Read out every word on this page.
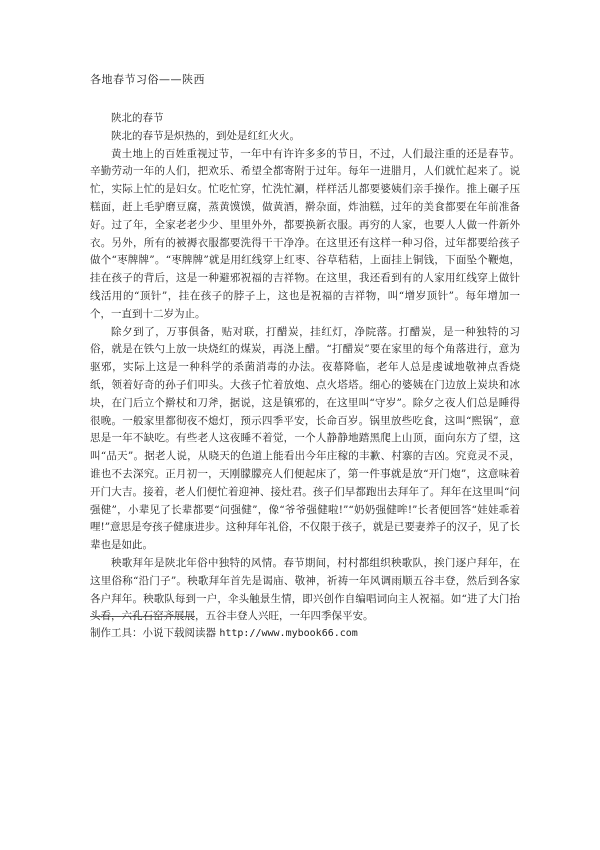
各地春节习俗——陕西

陕北的春节

陕北的春节是炽热的，到处是红红火火。

黄土地上的百姓重视过节，一年中有许许多多的节日，不过，人们最注重的还是春节。辛勤劳动一年的人们，把欢乐、希望全都寄附于过年。每年一进腊月，人们就忙起来了。说忙，实际上忙的是妇女。忙吃忙穿，忙洗忙涮，样样活儿都要婆姨们亲手操作。推上碾子压糕面，赶上毛驴磨豆腐，蒸黄馍馍，做黄酒，擀杂面，炸油糕，过年的美食都要在年前准备好。过了年，全家老老少少、里里外外，都要换新衣服。再穷的人家，也要人人做一件新外衣。另外，所有的被褥衣服都要洗得干干净净。在这里还有这样一种习俗，过年都要给孩子做个“枣牌牌”。“枣牌牌”就是用红线穿上红枣、谷草秸秸，上面挂上铜钱，下面坠个鞭炮，挂在孩子的背后，这是一种避邪祝福的吉祥物。在这里，我还看到有的人家用红线穿上做针线活用的“顶针”，挂在孩子的脖子上，这也是祝福的吉祥物，叫“增岁顶针”。每年增加一个，一直到十二岁为止。

除夕到了，万事俱备，贴对联，打醋炭，挂红灯，净院落。打醋炭，是一种独特的习俗，就是在铁勺上放一块烧红的煤炭，再浇上醋。“打醋炭”要在家里的每个角落进行，意为驱邪，实际上这是一种科学的杀菌消毒的办法。夜幕降临，老年人总是虔诚地敬神点香烧纸，领着好奇的孙子们叩头。大孩子忙着放炮、点火塔塔。细心的婆姨在门边放上炭块和冰块，在门后立个擀杖和刀斧，据说，这是镇邪的，在这里叫“守岁”。除夕之夜人们总是睡得很晚。一般家里都彻夜不熄灯，预示四季平安，长命百岁。锅里放些吃食，这叫“熙锅”，意思是一年不缺吃。有些老人这夜睡不着觉，一个人静静地踏黑爬上山顶，面向东方了望，这叫“品天”。据老人说，从晓天的色道上能看出今年庄稼的丰歉、村寨的吉凶。究竟灵不灵，谁也不去深究。正月初一，天刚朦朦亮人们便起床了，第一件事就是放“开门炮”，这意味着开门大吉。接着，老人们便忙着迎神、接灶君。孩子们早都跑出去拜年了。拜年在这里叫“问强健”，小辈见了长辈都要“问强健”，像“爷爷强健啦!”“奶奶强健哞!”长者便回答“娃娃乖着哩!”意思是夸孩子健康进步。这种拜年礼俗，不仅限于孩子，就是已要妻养子的汉子，见了长辈也是如此。

秧歌拜年是陕北年俗中独特的风情。春节期间，村村都组织秧歌队，挨门逐户拜年，在这里俗称“沿门子”。秧歌拜年首先是谒庙、敬神，祈祷一年风调雨顺五谷丰登，然后到各家各户拜年。秧歌队每到一户，伞头触景生情，即兴创作自编唱词向主人祝福。如“进了大门抬头看，六孔石窑齐展展，五谷丰登人兴旺，一年四季保平安。

制作工具：小说下载阅读器 http://www.mybook66.com
